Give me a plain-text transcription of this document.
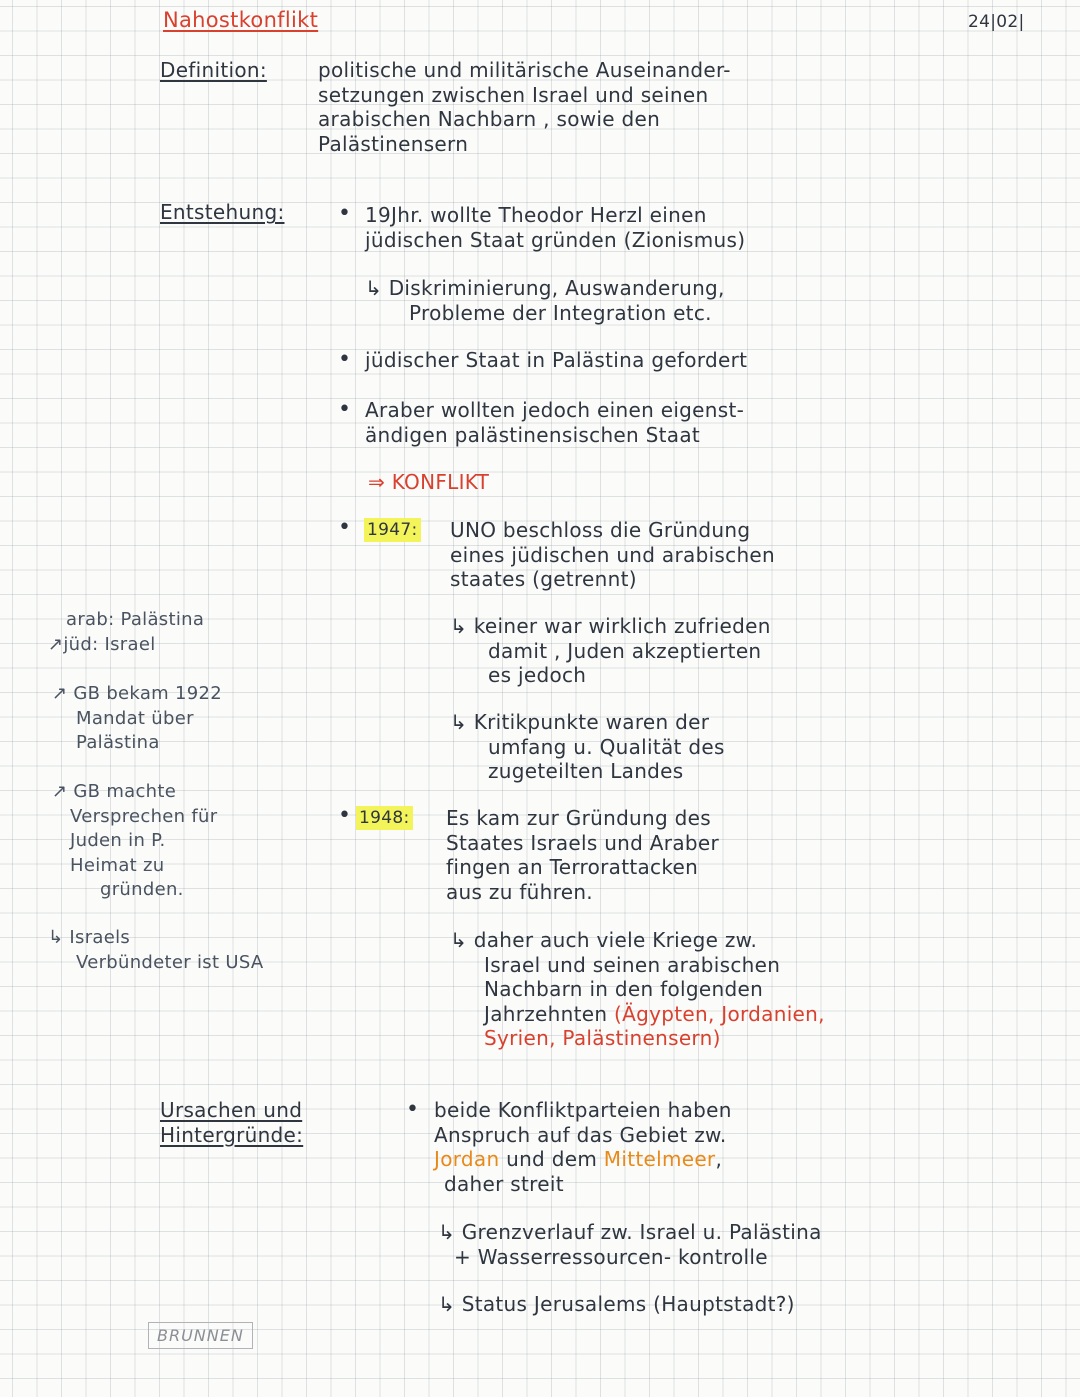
24|02|
Nahostkonflikt
Definition:	politische und militärische Auseinander-
setzungen zwischen Israel und seinen
arabischen Nachbarn , sowie den
Palästinensern
Entstehung: • 19Jhr. wollte Theodor Herzl einen
jüdischen Staat gründen (Zionismus)
↳ Diskriminierung, Auswanderung,
Probleme der Integration etc.
• jüdischer Staat in Palästina gefordert
• Araber wollten jedoch einen eigenst-
ändigen palästinensischen Staat
⇒ KONFLIKT
• 1947: UNO beschloss die Gründung
eines jüdischen und arabischen
staates (getrennt)
↳ keiner war wirklich zufrieden
damit , Juden akzeptierten
es jedoch
↳ Kritikpunkte waren der
umfang u. Qualität des
zugeteilten Landes
• 1948: Es kam zur Gründung des
Staates Israels und Araber
fingen an Terrorattacken
aus zu führen.
↳ daher auch viele Kriege zw.
Israel und seinen arabischen
Nachbarn in den folgenden
Jahrzehnten (Ägypten, Jordanien,
Syrien, Palästinensern)
arab: Palästina
↗jüd: Israel
↗ GB bekam 1922
Mandat über
Palästina
↗ GB machte
Versprechen für
Juden in P.
Heimat zu
gründen.
↳ Israels
Verbündeter ist USA
Ursachen und
Hintergründe:
• beide Konfliktparteien haben
Anspruch auf das Gebiet zw.
Jordan und dem Mittelmeer,
daher streit
↳ Grenzverlauf zw. Israel u. Palästina
+ Wasserressourcen- kontrolle
↳ Status Jerusalems (Hauptstadt?)
BRUNNEN
